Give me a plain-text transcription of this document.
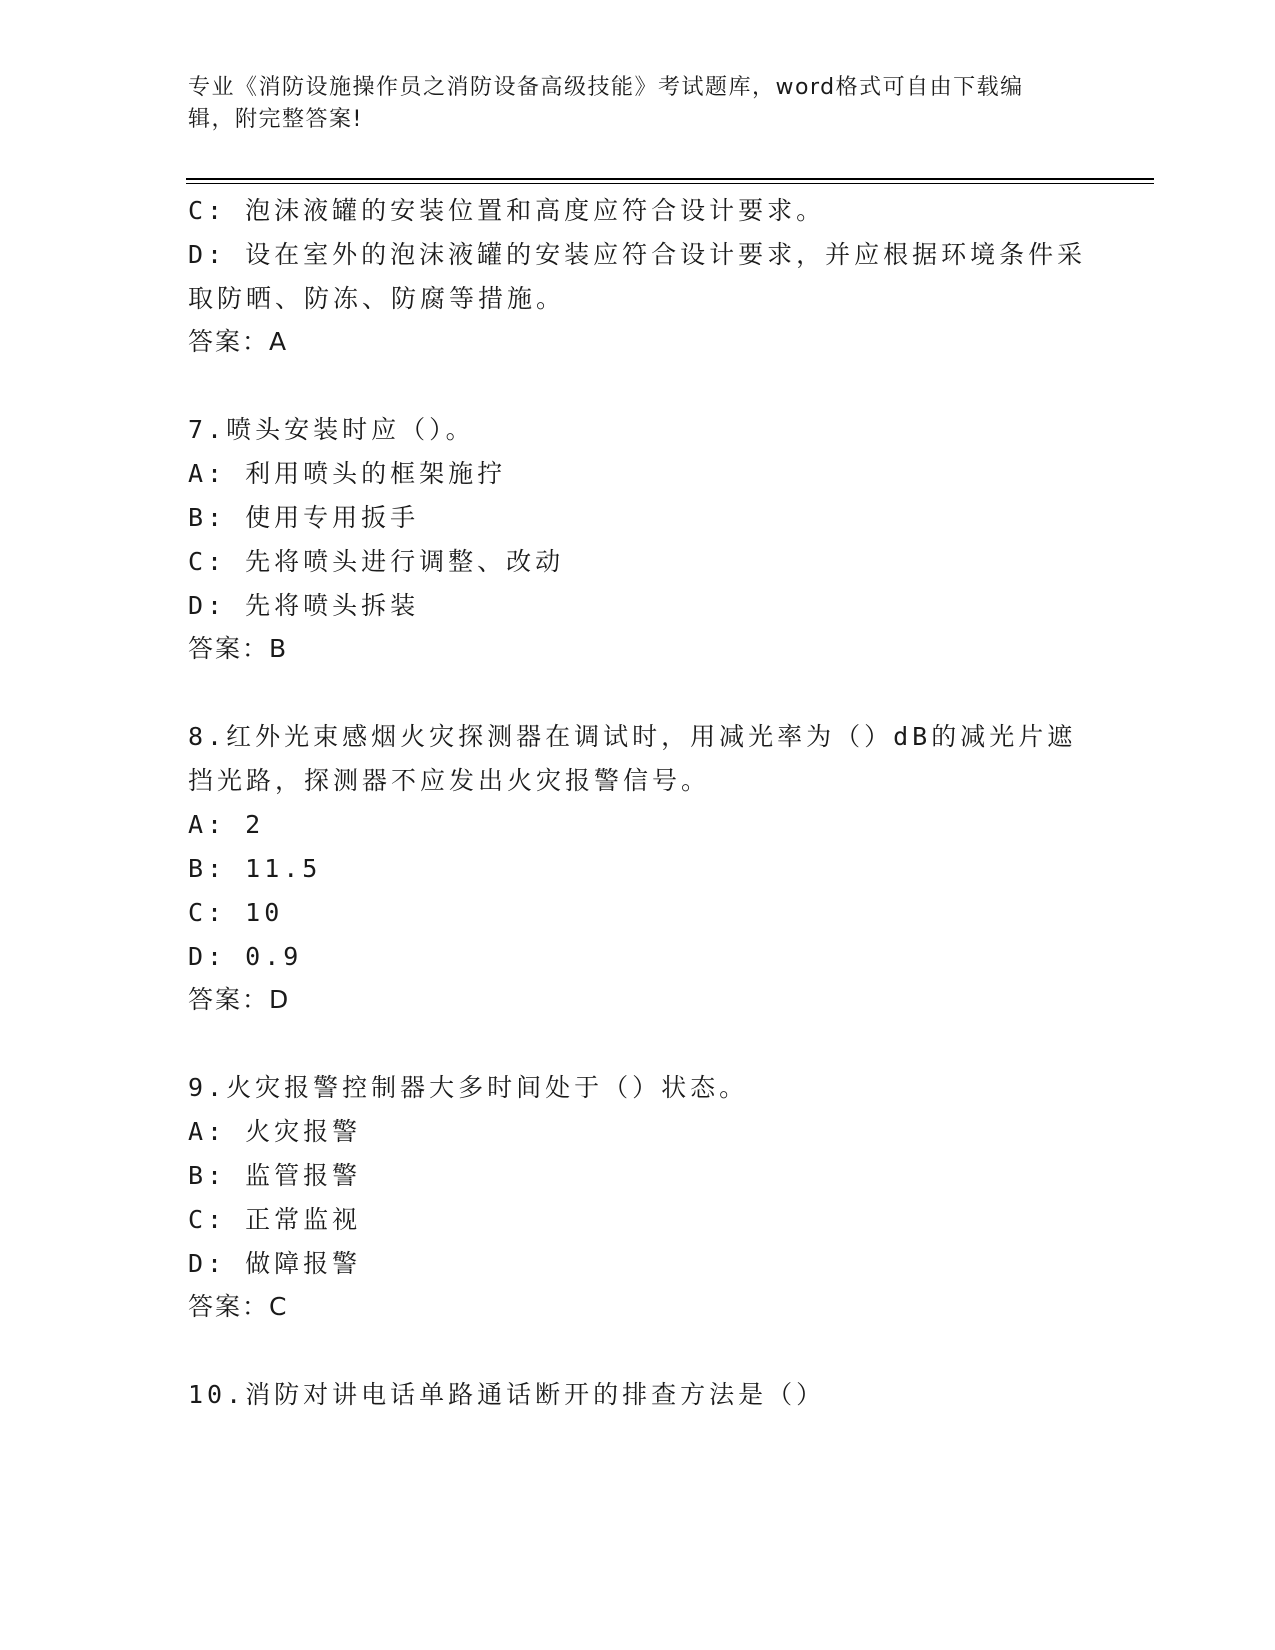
专业《消防设施操作员之消防设备高级技能》考试题库，word格式可自由下载编
辑，附完整答案!
C: 泡沫液罐的安装位置和高度应符合设计要求。
D: 设在室外的泡沫液罐的安装应符合设计要求，并应根据环境条件采
取防晒、防冻、防腐等措施。
答案：A
7.喷头安装时应（）。
A: 利用喷头的框架施拧
B: 使用专用扳手
C: 先将喷头进行调整、改动
D: 先将喷头拆装
答案：B
8.红外光束感烟火灾探测器在调试时，用减光率为（）dB的减光片遮
挡光路，探测器不应发出火灾报警信号。
A: 2
B: 11.5
C: 10
D: 0.9
答案：D
9.火灾报警控制器大多时间处于（）状态。
A: 火灾报警
B: 监管报警
C: 正常监视
D: 做障报警
答案：C
10.消防对讲电话单路通话断开的排查方法是（）
